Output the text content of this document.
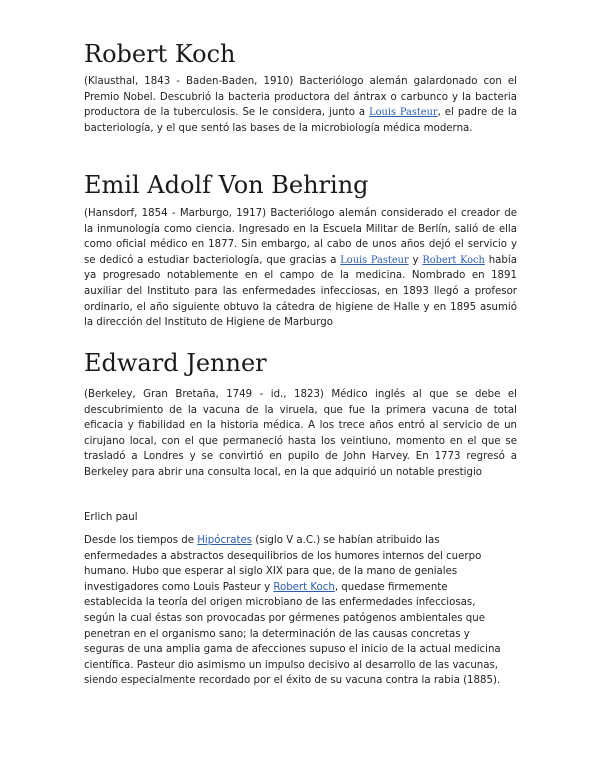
Robert Koch

(Klausthal, 1843 - Baden-Baden, 1910) Bacteriólogo alemán galardonado con el Premio Nobel. Descubrió la bacteria productora del ántrax o carbunco y la bacteria productora de la tuberculosis. Se le considera, junto a Louis Pasteur, el padre de la bacteriología, y el que sentó las bases de la microbiología médica moderna.

Emil Adolf Von Behring

(Hansdorf, 1854 - Marburgo, 1917) Bacteriólogo alemán considerado el creador de la inmunología como ciencia. Ingresado en la Escuela Militar de Berlín, salió de ella como oficial médico en 1877. Sin embargo, al cabo de unos años dejó el servicio y se dedicó a estudiar bacteriología, que gracias a Louis Pasteur y Robert Koch había ya progresado notablemente en el campo de la medicina. Nombrado en 1891 auxiliar del Instituto para las enfermedades infecciosas, en 1893 llegó a profesor ordinario, el año siguiente obtuvo la cátedra de higiene de Halle y en 1895 asumió la dirección del Instituto de Higiene de Marburgo

Edward Jenner

(Berkeley, Gran Bretaña, 1749 - id., 1823) Médico inglés al que se debe el descubrimiento de la vacuna de la viruela, que fue la primera vacuna de total eficacia y fiabilidad en la historia médica. A los trece años entró al servicio de un cirujano local, con el que permaneció hasta los veintiuno, momento en el que se trasladó a Londres y se convirtió en pupilo de John Harvey. En 1773 regresó a Berkeley para abrir una consulta local, en la que adquirió un notable prestigio

Erlich paul

Desde los tiempos de Hipócrates (siglo V a.C.) se habían atribuido las enfermedades a abstractos desequilibrios de los humores internos del cuerpo humano. Hubo que esperar al siglo XIX para que, de la mano de geniales investigadores como Louis Pasteur y Robert Koch, quedase firmemente establecida la teoría del origen microbiano de las enfermedades infecciosas, según la cual éstas son provocadas por gérmenes patógenos ambientales que penetran en el organismo sano; la determinación de las causas concretas y seguras de una amplia gama de afecciones supuso el inicio de la actual medicina científica. Pasteur dio asimismo un impulso decisivo al desarrollo de las vacunas, siendo especialmente recordado por el éxito de su vacuna contra la rabia (1885).
